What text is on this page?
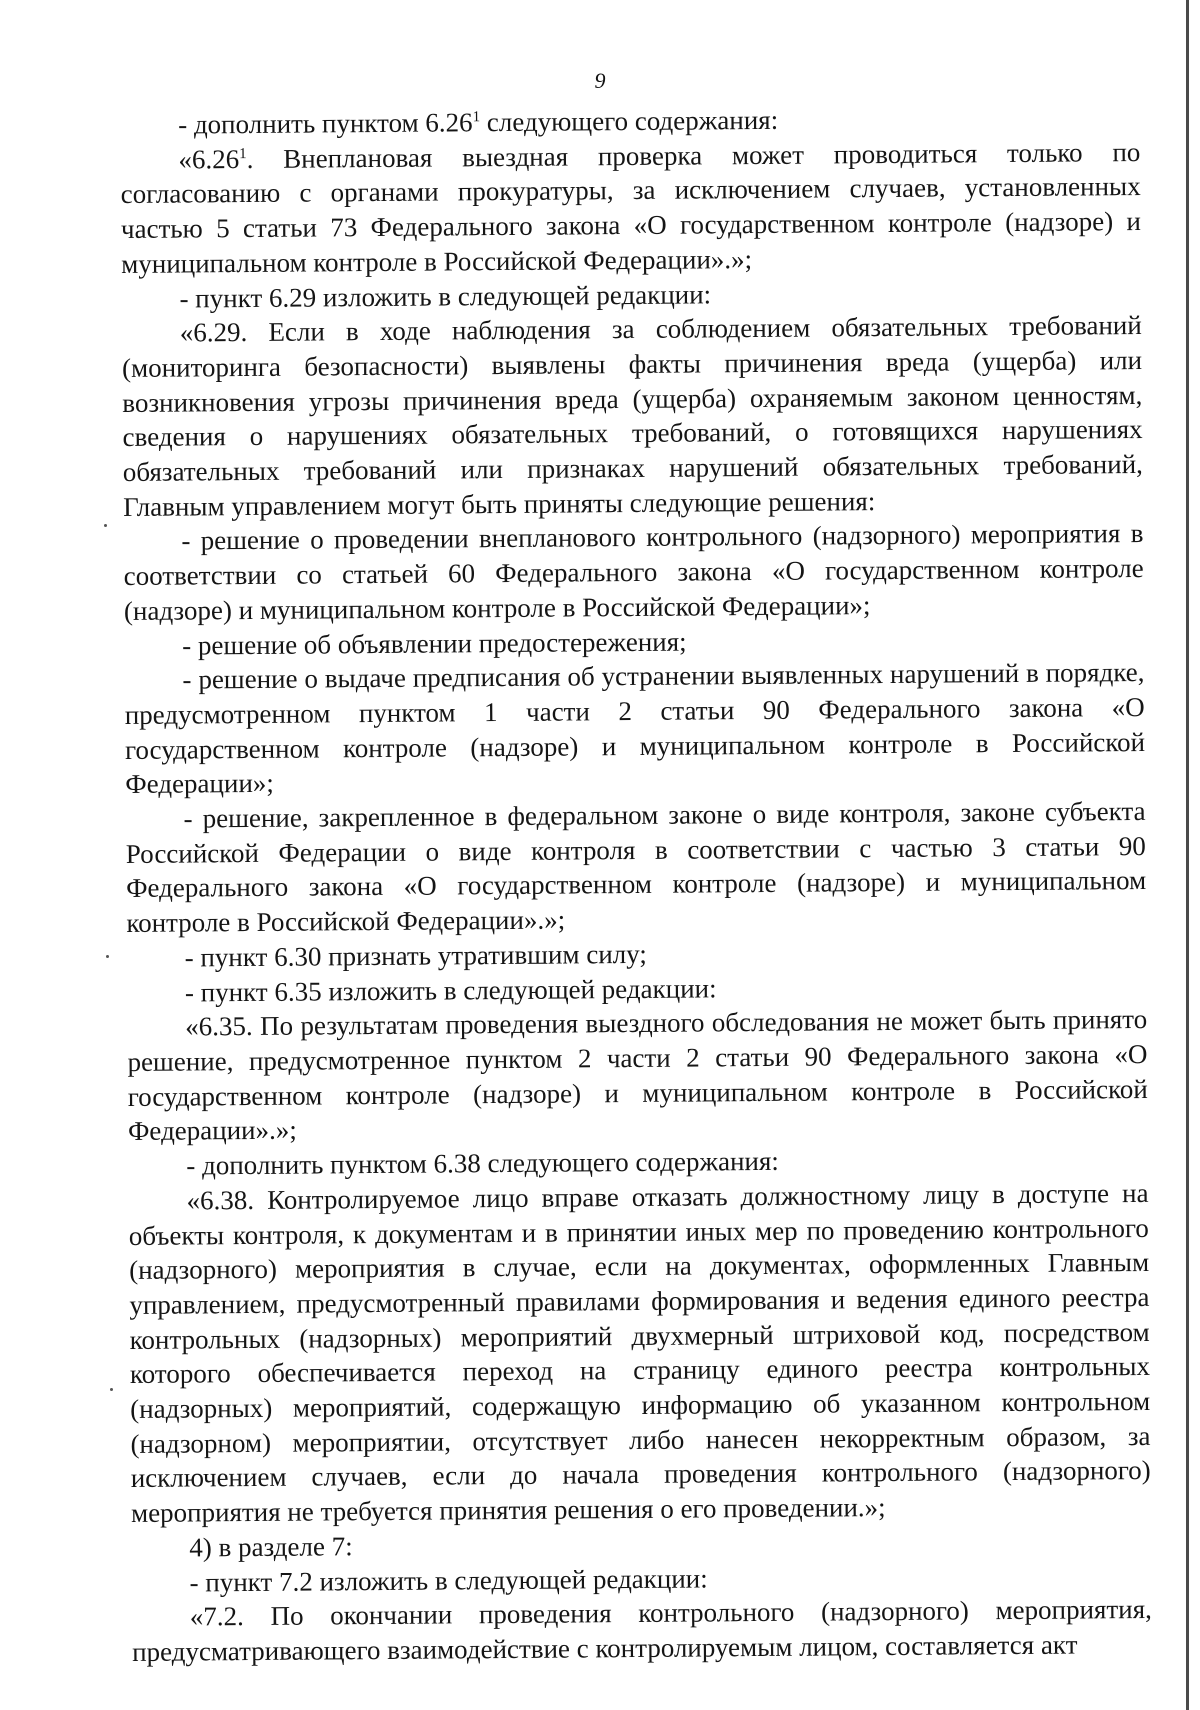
9

- дополнить пунктом 6.26$^1$ следующего содержания:

«6.26$^1$. Внеплановая выездная проверка может проводиться только по согласованию с органами прокуратуры, за исключением случаев, установленных частью 5 статьи 73 Федерального закона «О государственном контроле (надзоре) и муниципальном контроле в Российской Федерации».»;

- пункт 6.29 изложить в следующей редакции:

«6.29. Если в ходе наблюдения за соблюдением обязательных требований (мониторинга безопасности) выявлены факты причинения вреда (ущерба) или возникновения угрозы причинения вреда (ущерба) охраняемым законом ценностям, сведения о нарушениях обязательных требований, о готовящихся нарушениях обязательных требований или признаках нарушений обязательных требований, Главным управлением могут быть приняты следующие решения:

- решение о проведении внепланового контрольного (надзорного) мероприятия в соответствии со статьей 60 Федерального закона «О государственном контроле (надзоре) и муниципальном контроле в Российской Федерации»;

- решение об объявлении предостережения;

- решение о выдаче предписания об устранении выявленных нарушений в порядке, предусмотренном пунктом 1 части 2 статьи 90 Федерального закона «О государственном контроле (надзоре) и муниципальном контроле в Российской Федерации»;

- решение, закрепленное в федеральном законе о виде контроля, законе субъекта Российской Федерации о виде контроля в соответствии с частью 3 статьи 90 Федерального закона «О государственном контроле (надзоре) и муниципальном контроле в Российской Федерации».»;

- пункт 6.30 признать утратившим силу;

- пункт 6.35 изложить в следующей редакции:

«6.35. По результатам проведения выездного обследования не может быть принято решение, предусмотренное пунктом 2 части 2 статьи 90 Федерального закона «О государственном контроле (надзоре) и муниципальном контроле в Российской Федерации».»;

- дополнить пунктом 6.38 следующего содержания:

«6.38. Контролируемое лицо вправе отказать должностному лицу в доступе на объекты контроля, к документам и в принятии иных мер по проведению контрольного (надзорного) мероприятия в случае, если на документах, оформленных Главным управлением, предусмотренный правилами формирования и ведения единого реестра контрольных (надзорных) мероприятий двухмерный штриховой код, посредством которого обеспечивается переход на страницу единого реестра контрольных (надзорных) мероприятий, содержащую информацию об указанном контрольном (надзорном) мероприятии, отсутствует либо нанесен некорректным образом, за исключением случаев, если до начала проведения контрольного (надзорного) мероприятия не требуется принятия решения о его проведении.»;

4) в разделе 7:

- пункт 7.2 изложить в следующей редакции:

«7.2. По окончании проведения контрольного (надзорного) мероприятия, предусматривающего взаимодействие с контролируемым лицом, составляется акт
